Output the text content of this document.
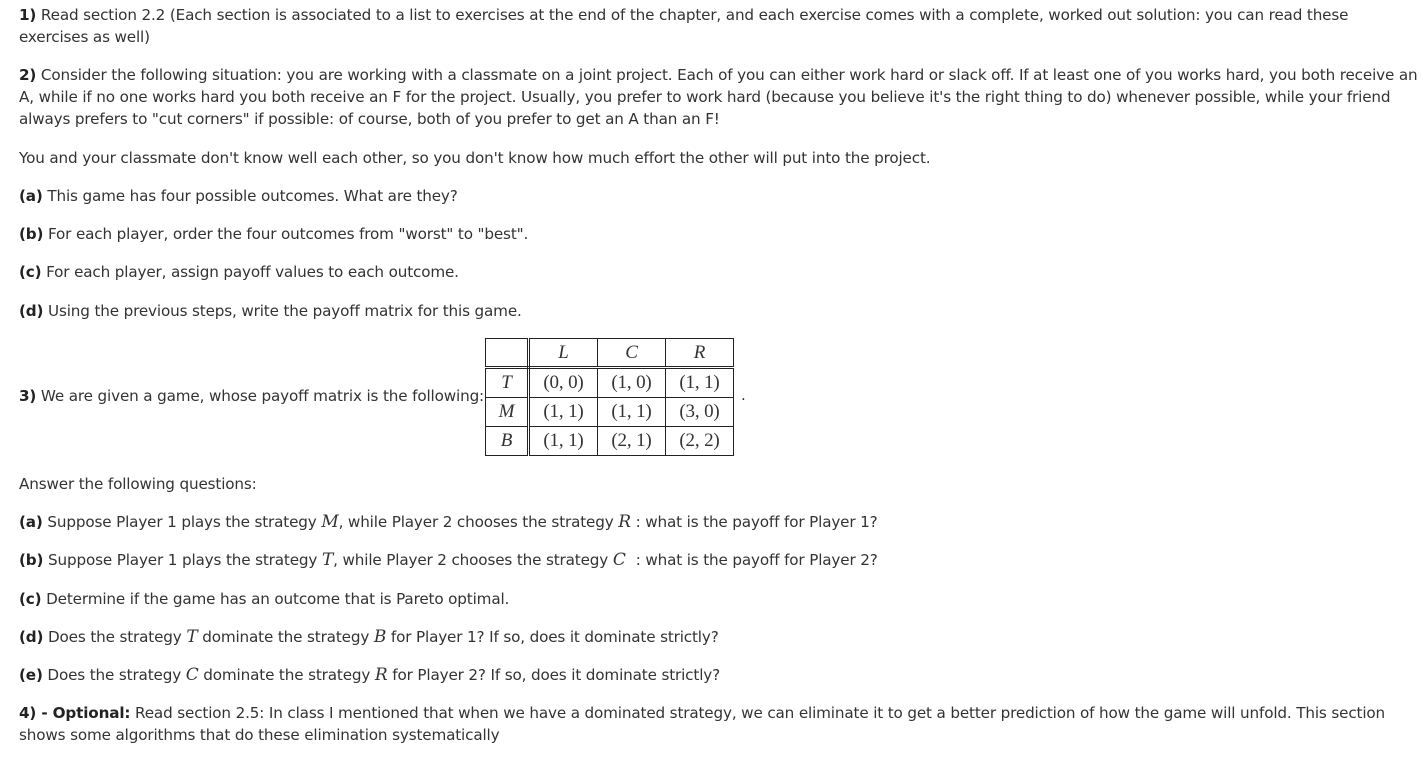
1) Read section 2.2 (Each section is associated to a list to exercises at the end of the chapter, and each exercise comes with a complete, worked out solution: you can read these exercises as well)

2) Consider the following situation: you are working with a classmate on a joint project. Each of you can either work hard or slack off. If at least one of you works hard, you both receive an A, while if no one works hard you both receive an F for the project. Usually, you prefer to work hard (because you believe it's the right thing to do) whenever possible, while your friend always prefers to "cut corners" if possible: of course, both of you prefer to get an A than an F!

You and your classmate don't know well each other, so you don't know how much effort the other will put into the project.

(a) This game has four possible outcomes. What are they?

(b) For each player, order the four outcomes from "worst" to "best".

(c) For each player, assign payoff values to each outcome.

(d) Using the previous steps, write the payoff matrix for this game.

3) We are given a game, whose payoff matrix is the following:

	L	C	R
T	(0, 0)	(1, 0)	(1, 1)
M	(1, 1)	(1, 1)	(3, 0)
B	(1, 1)	(2, 1)	(2, 2)
.

Answer the following questions:

(a) Suppose Player 1 plays the strategy M, while Player 2 chooses the strategy R : what is the payoff for Player 1?

(b) Suppose Player 1 plays the strategy T, while Player 2 chooses the strategy C : what is the payoff for Player 2?

(c) Determine if the game has an outcome that is Pareto optimal.

(d) Does the strategy T dominate the strategy B for Player 1? If so, does it dominate strictly?

(e) Does the strategy C dominate the strategy R for Player 2? If so, does it dominate strictly?

4) - Optional: Read section 2.5: In class I mentioned that when we have a dominated strategy, we can eliminate it to get a better prediction of how the game will unfold. This section shows some algorithms that do these elimination systematically
